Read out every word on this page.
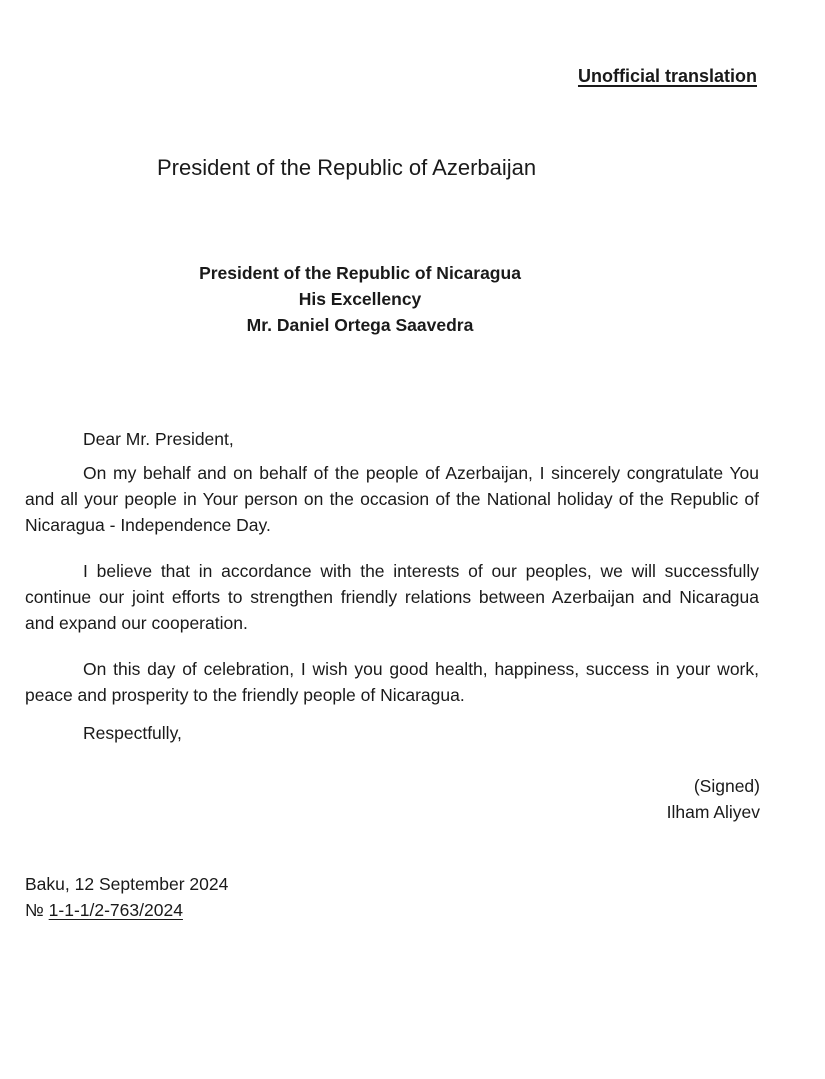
Unofficial translation
President of the Republic of Azerbaijan
President of the Republic of Nicaragua
His Excellency
Mr. Daniel Ortega Saavedra

Dear Mr. President,

On my behalf and on behalf of the people of Azerbaijan, I sincerely congratulate You and all your people in Your person on the occasion of the National holiday of the Republic of Nicaragua - Independence Day.

I believe that in accordance with the interests of our peoples, we will successfully continue our joint efforts to strengthen friendly relations between Azerbaijan and Nicaragua and expand our cooperation.

On this day of celebration, I wish you good health, happiness, success in your work, peace and prosperity to the friendly people of Nicaragua.

Respectfully,

(Signed)
Ilham Aliyev
Baku, 12 September 2024
№ 1-1-1/2-763/2024
